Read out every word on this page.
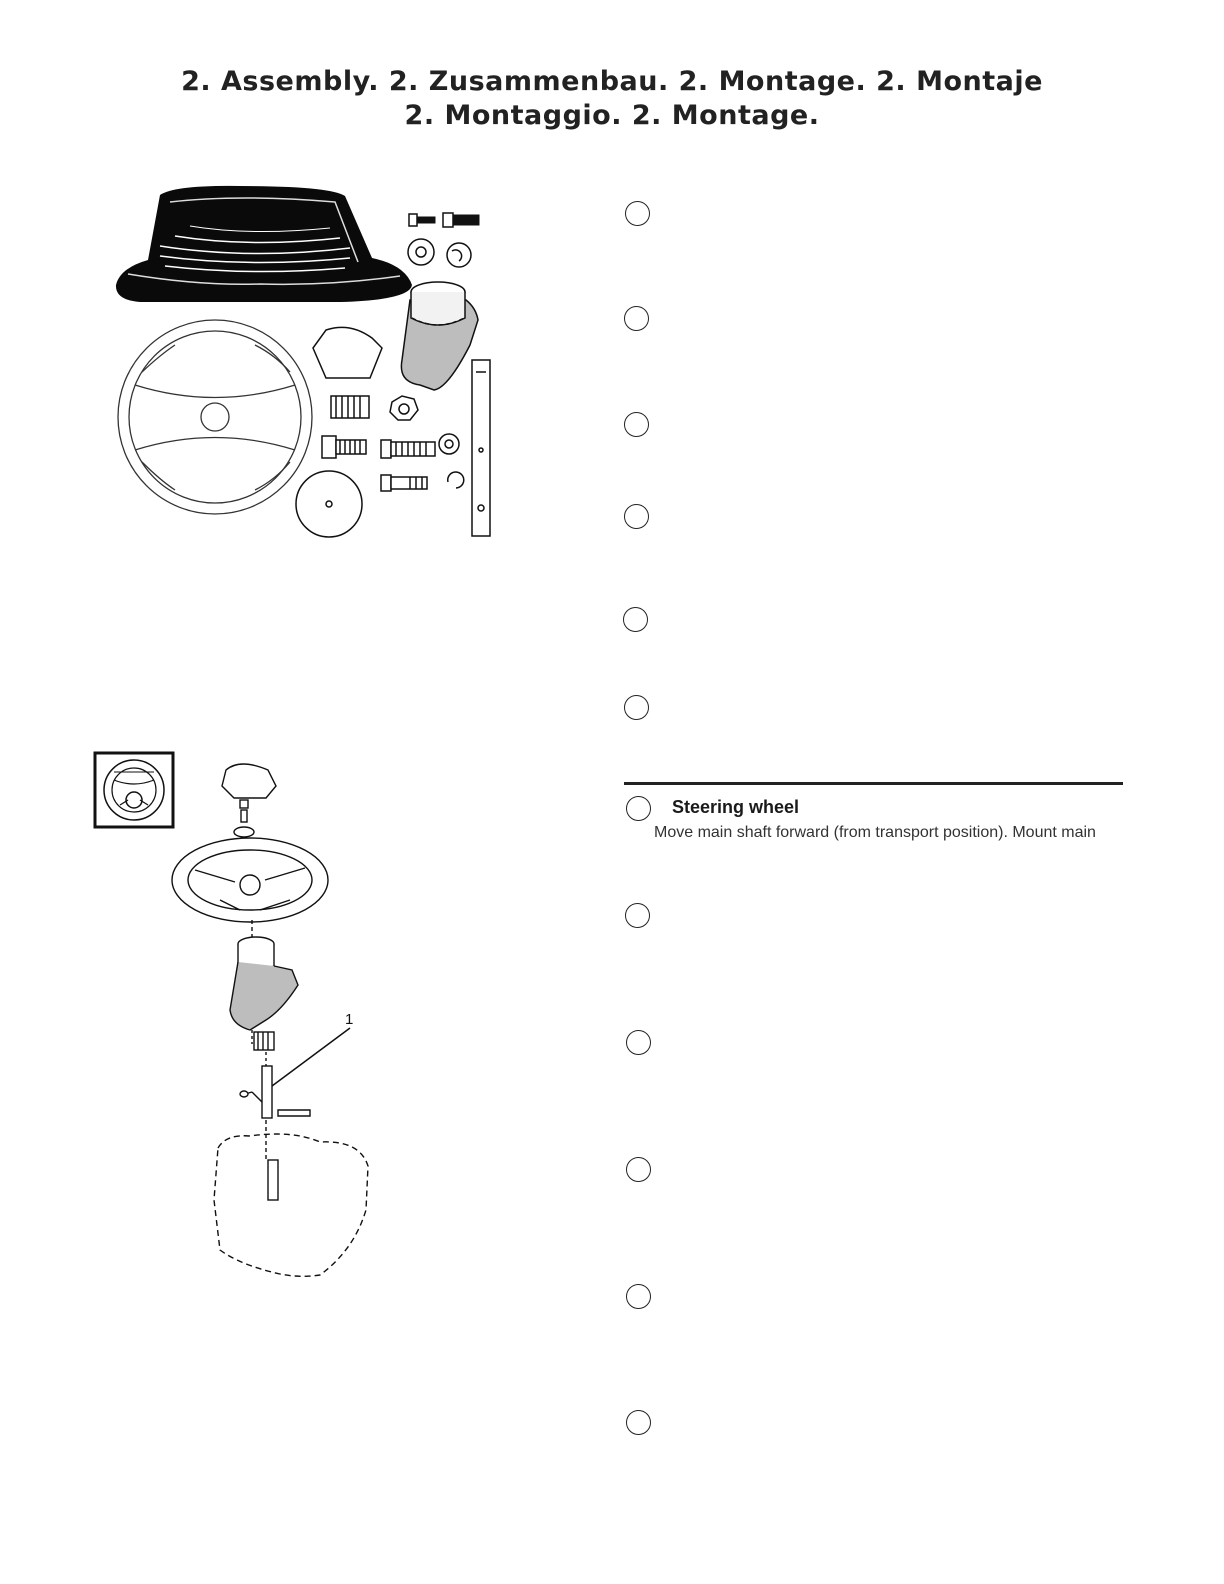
2. Assembly. 2. Zusammenbau. 2. Montage. 2. Montaje
2. Montaggio. 2. Montage.
1
Steering wheel
Move main shaft forward (from transport position). Mount main
